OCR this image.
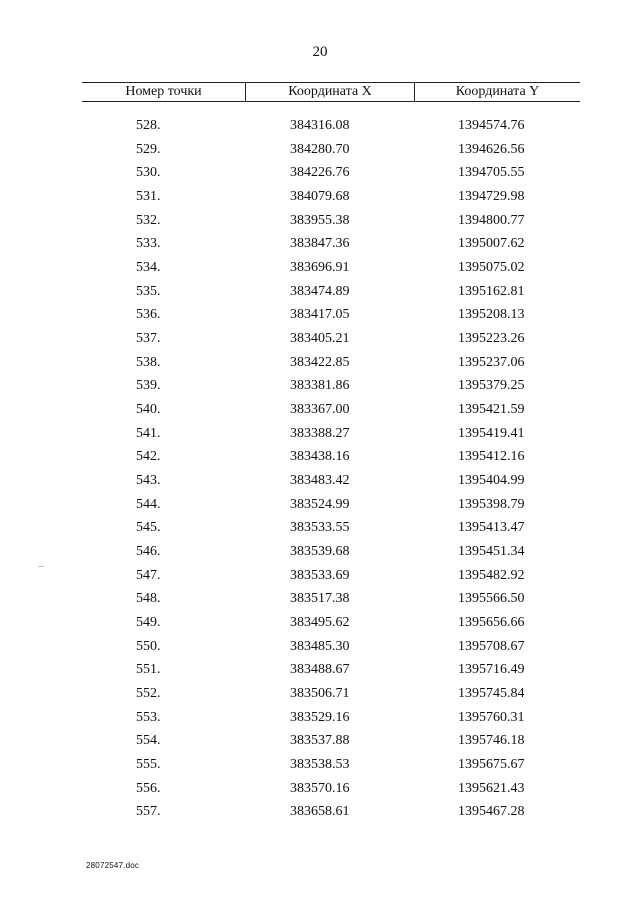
20
Номер точки	Координата X	Координата Y
528.	384316.08	1394574.76
529.	384280.70	1394626.56
530.	384226.76	1394705.55
531.	384079.68	1394729.98
532.	383955.38	1394800.77
533.	383847.36	1395007.62
534.	383696.91	1395075.02
535.	383474.89	1395162.81
536.	383417.05	1395208.13
537.	383405.21	1395223.26
538.	383422.85	1395237.06
539.	383381.86	1395379.25
540.	383367.00	1395421.59
541.	383388.27	1395419.41
542.	383438.16	1395412.16
543.	383483.42	1395404.99
544.	383524.99	1395398.79
545.	383533.55	1395413.47
546.	383539.68	1395451.34
547.	383533.69	1395482.92
548.	383517.38	1395566.50
549.	383495.62	1395656.66
550.	383485.30	1395708.67
551.	383488.67	1395716.49
552.	383506.71	1395745.84
553.	383529.16	1395760.31
554.	383537.88	1395746.18
555.	383538.53	1395675.67
556.	383570.16	1395621.43
557.	383658.61	1395467.28
28072547.doc
